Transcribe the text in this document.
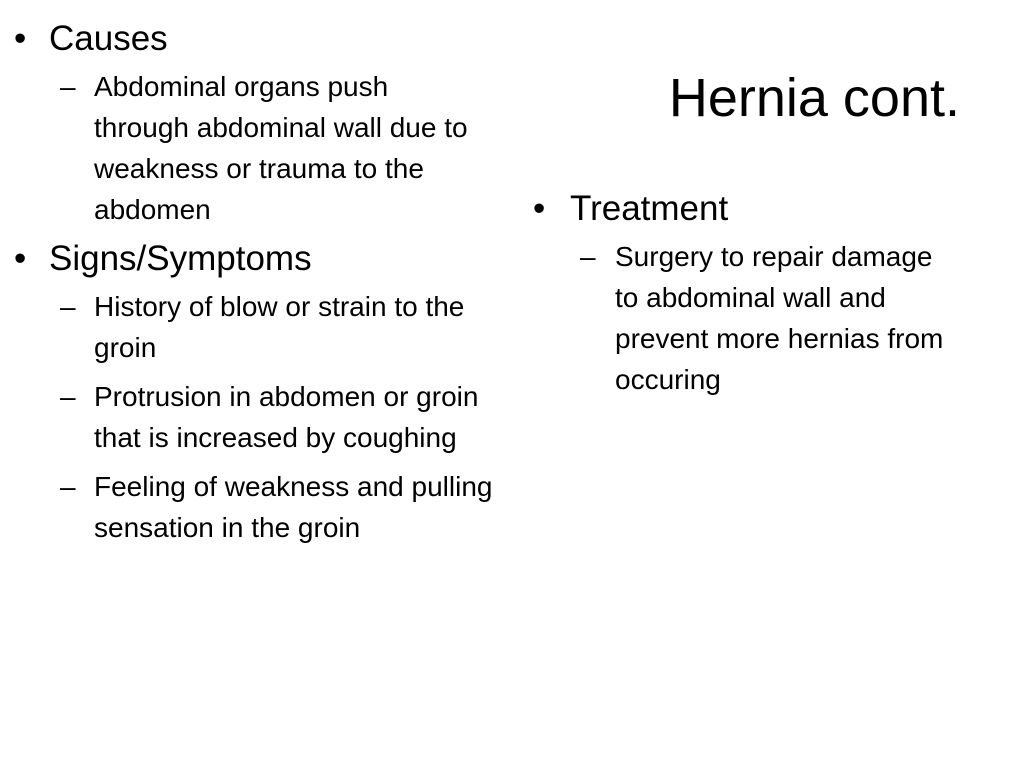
Hernia cont.
• Causes
– Abdominal organs push through abdominal wall due to weakness or trauma to the abdomen
• Signs/Symptoms
– History of blow or strain to the groin
– Protrusion in abdomen or groin that is increased by coughing
– Feeling of weakness and pulling sensation in the groin
• Treatment
– Surgery to repair damage to abdominal wall and prevent more hernias from occuring
